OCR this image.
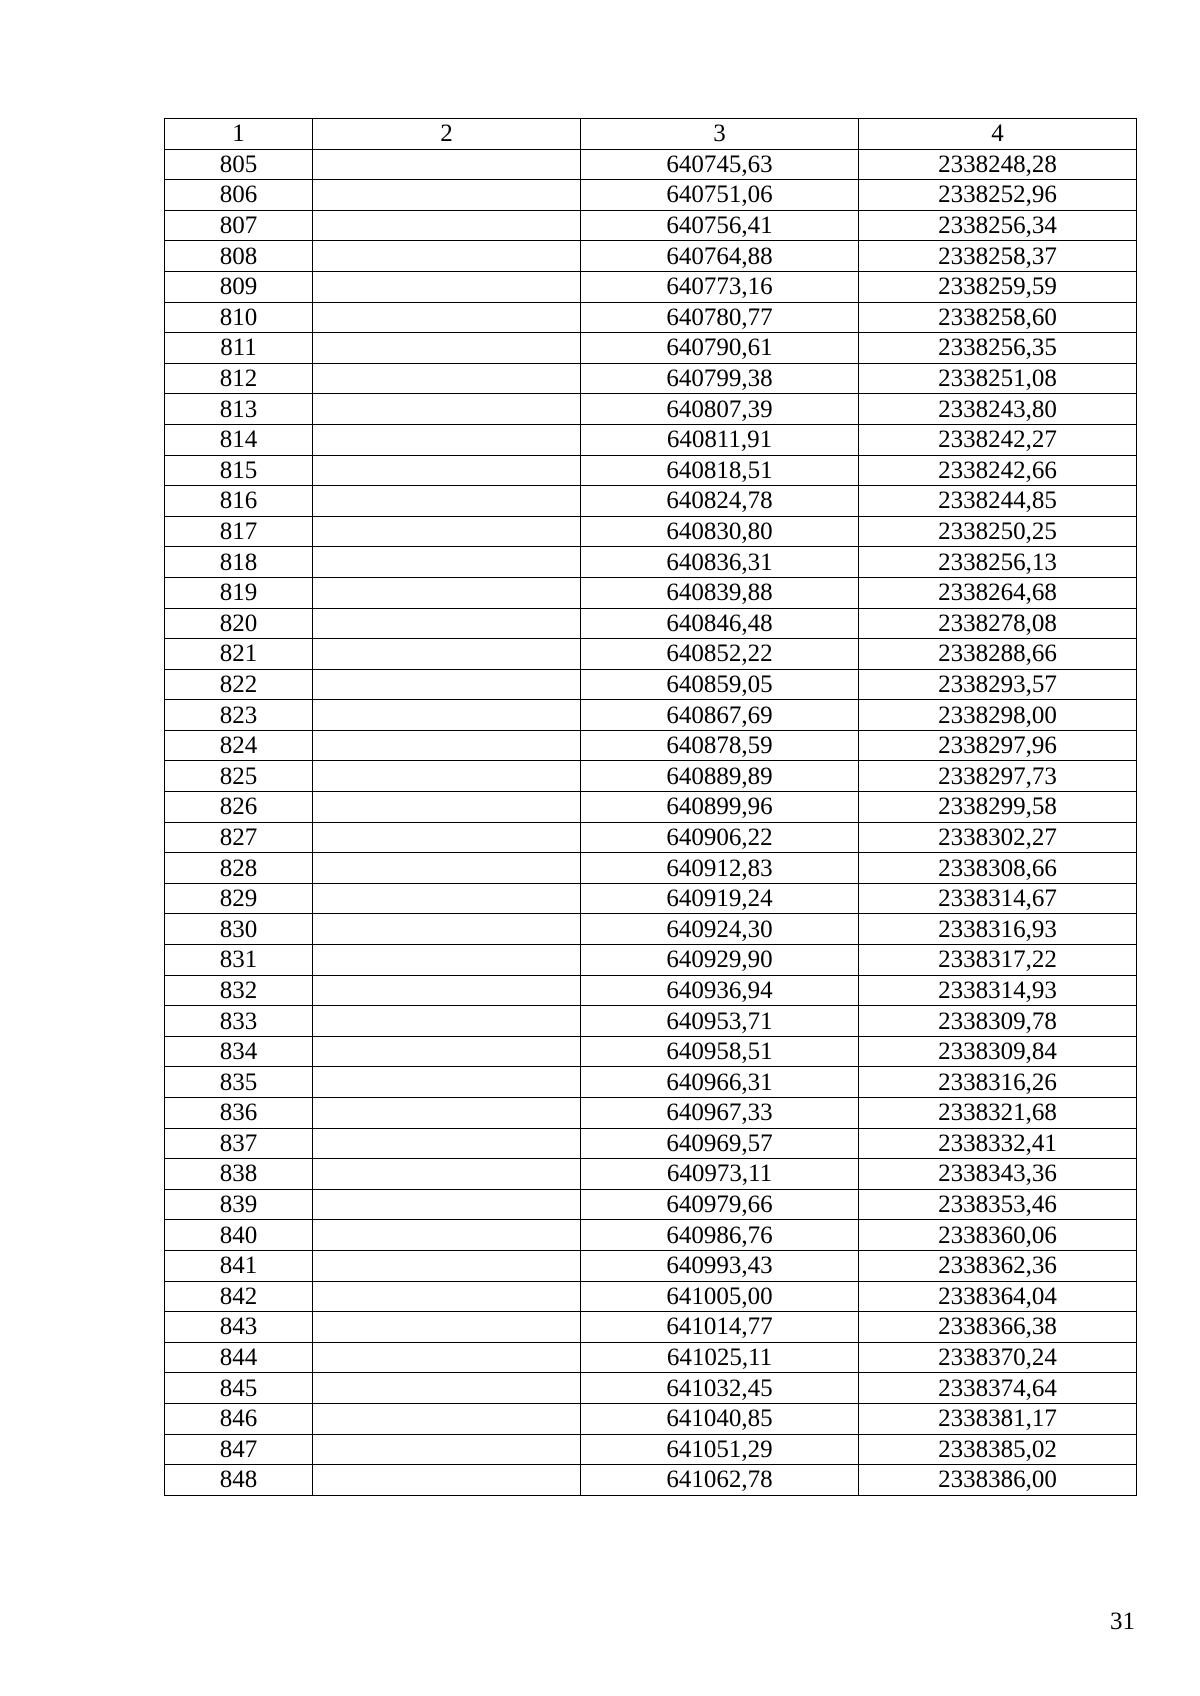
1	2	3	4
805		640745,63	2338248,28
806		640751,06	2338252,96
807		640756,41	2338256,34
808		640764,88	2338258,37
809		640773,16	2338259,59
810		640780,77	2338258,60
811		640790,61	2338256,35
812		640799,38	2338251,08
813		640807,39	2338243,80
814		640811,91	2338242,27
815		640818,51	2338242,66
816		640824,78	2338244,85
817		640830,80	2338250,25
818		640836,31	2338256,13
819		640839,88	2338264,68
820		640846,48	2338278,08
821		640852,22	2338288,66
822		640859,05	2338293,57
823		640867,69	2338298,00
824		640878,59	2338297,96
825		640889,89	2338297,73
826		640899,96	2338299,58
827		640906,22	2338302,27
828		640912,83	2338308,66
829		640919,24	2338314,67
830		640924,30	2338316,93
831		640929,90	2338317,22
832		640936,94	2338314,93
833		640953,71	2338309,78
834		640958,51	2338309,84
835		640966,31	2338316,26
836		640967,33	2338321,68
837		640969,57	2338332,41
838		640973,11	2338343,36
839		640979,66	2338353,46
840		640986,76	2338360,06
841		640993,43	2338362,36
842		641005,00	2338364,04
843		641014,77	2338366,38
844		641025,11	2338370,24
845		641032,45	2338374,64
846		641040,85	2338381,17
847		641051,29	2338385,02
848		641062,78	2338386,00
31
